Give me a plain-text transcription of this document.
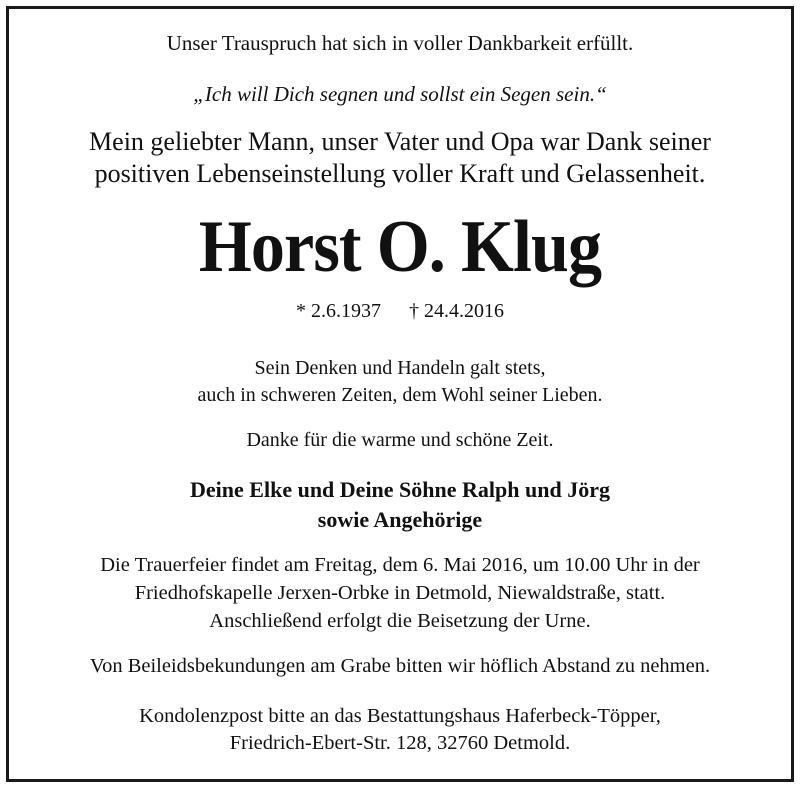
Unser Trauspruch hat sich in voller Dankbarkeit erfüllt.
„Ich will Dich segnen und sollst ein Segen sein.“
Mein geliebter Mann, unser Vater und Opa war Dank seiner
positiven Lebenseinstellung voller Kraft und Gelassenheit.
Horst O. Klug
* 2.6.1937 † 24.4.2016
Sein Denken und Handeln galt stets,
auch in schweren Zeiten, dem Wohl seiner Lieben.
Danke für die warme und schöne Zeit.
Deine Elke und Deine Söhne Ralph und Jörg
sowie Angehörige
Die Trauerfeier findet am Freitag, dem 6. Mai 2016, um 10.00 Uhr in der
Friedhofskapelle Jerxen-Orbke in Detmold, Niewaldstraße, statt.
Anschließend erfolgt die Beisetzung der Urne.
Von Beileidsbekundungen am Grabe bitten wir höflich Abstand zu nehmen.
Kondolenzpost bitte an das Bestattungshaus Haferbeck-Töpper,
Friedrich-Ebert-Str. 128, 32760 Detmold.
